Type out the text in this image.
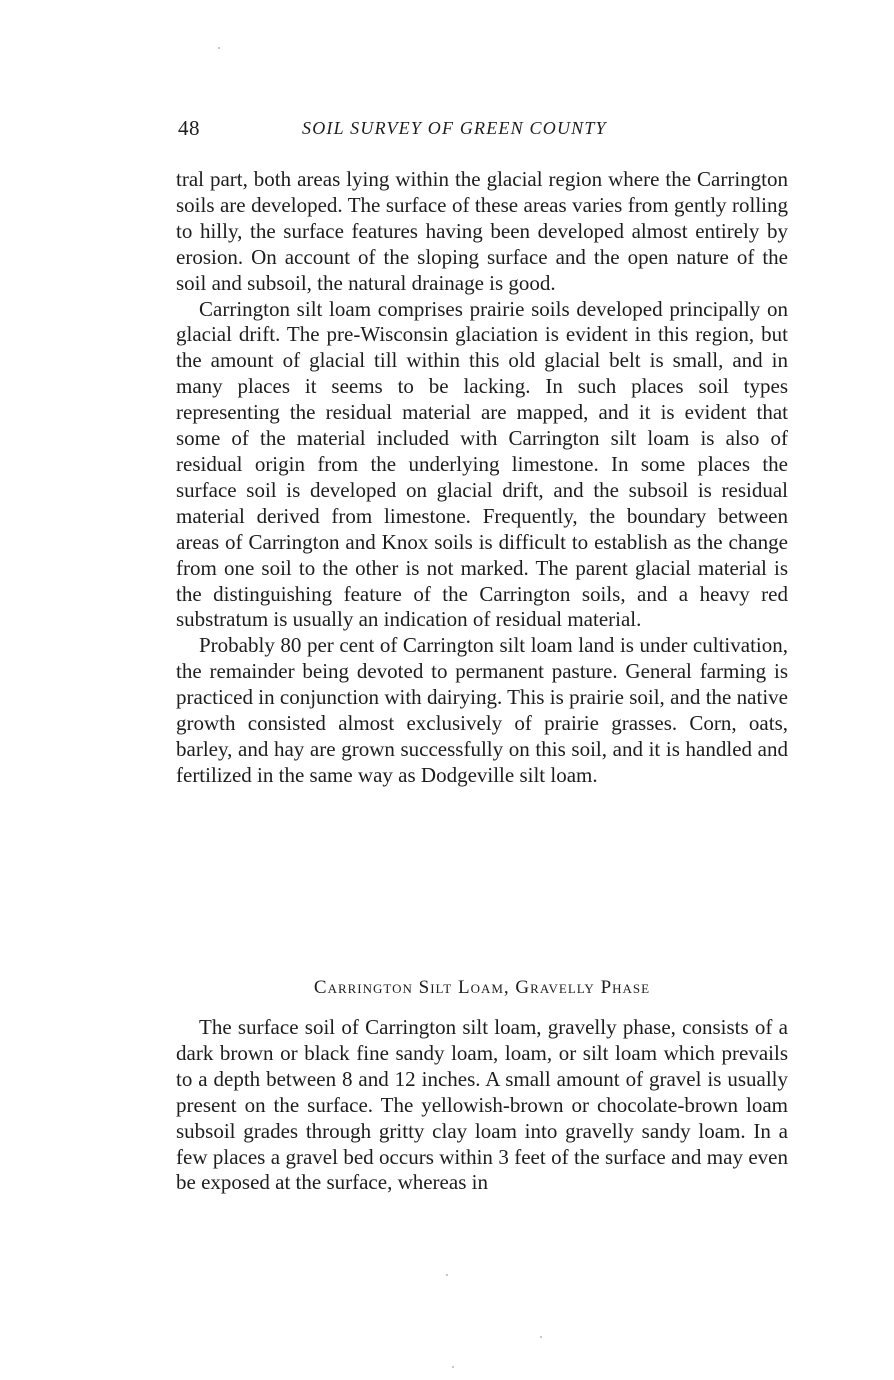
48	SOIL SURVEY OF GREEN COUNTY

tral part, both areas lying within the glacial region where the Carrington soils are developed. The surface of these areas varies from gently rolling to hilly, the surface features having been developed almost entirely by erosion. On account of the sloping surface and the open nature of the soil and subsoil, the natural drainage is good.

Carrington silt loam comprises prairie soils developed principally on glacial drift. The pre-Wisconsin glaciation is evident in this region, but the amount of glacial till within this old glacial belt is small, and in many places it seems to be lacking. In such places soil types representing the residual material are mapped, and it is evident that some of the material included with Carrington silt loam is also of residual origin from the underlying limestone. In some places the surface soil is developed on glacial drift, and the subsoil is residual material derived from limestone. Frequently, the boundary between areas of Carrington and Knox soils is difficult to establish as the change from one soil to the other is not marked. The parent glacial material is the distinguishing feature of the Carrington soils, and a heavy red substratum is usually an indication of residual material.

Probably 80 per cent of Carrington silt loam land is under cultivation, the remainder being devoted to permanent pasture. General farming is practiced in conjunction with dairying. This is prairie soil, and the native growth consisted almost exclusively of prairie grasses. Corn, oats, barley, and hay are grown successfully on this soil, and it is handled and fertilized in the same way as Dodgeville silt loam.

Carrington Silt Loam, Gravelly Phase

The surface soil of Carrington silt loam, gravelly phase, consists of a dark brown or black fine sandy loam, loam, or silt loam which prevails to a depth between 8 and 12 inches. A small amount of gravel is usually present on the surface. The yellowish-brown or chocolate-brown loam subsoil grades through gritty clay loam into gravelly sandy loam. In a few places a gravel bed occurs within 3 feet of the surface and may even be exposed at the surface, whereas in
